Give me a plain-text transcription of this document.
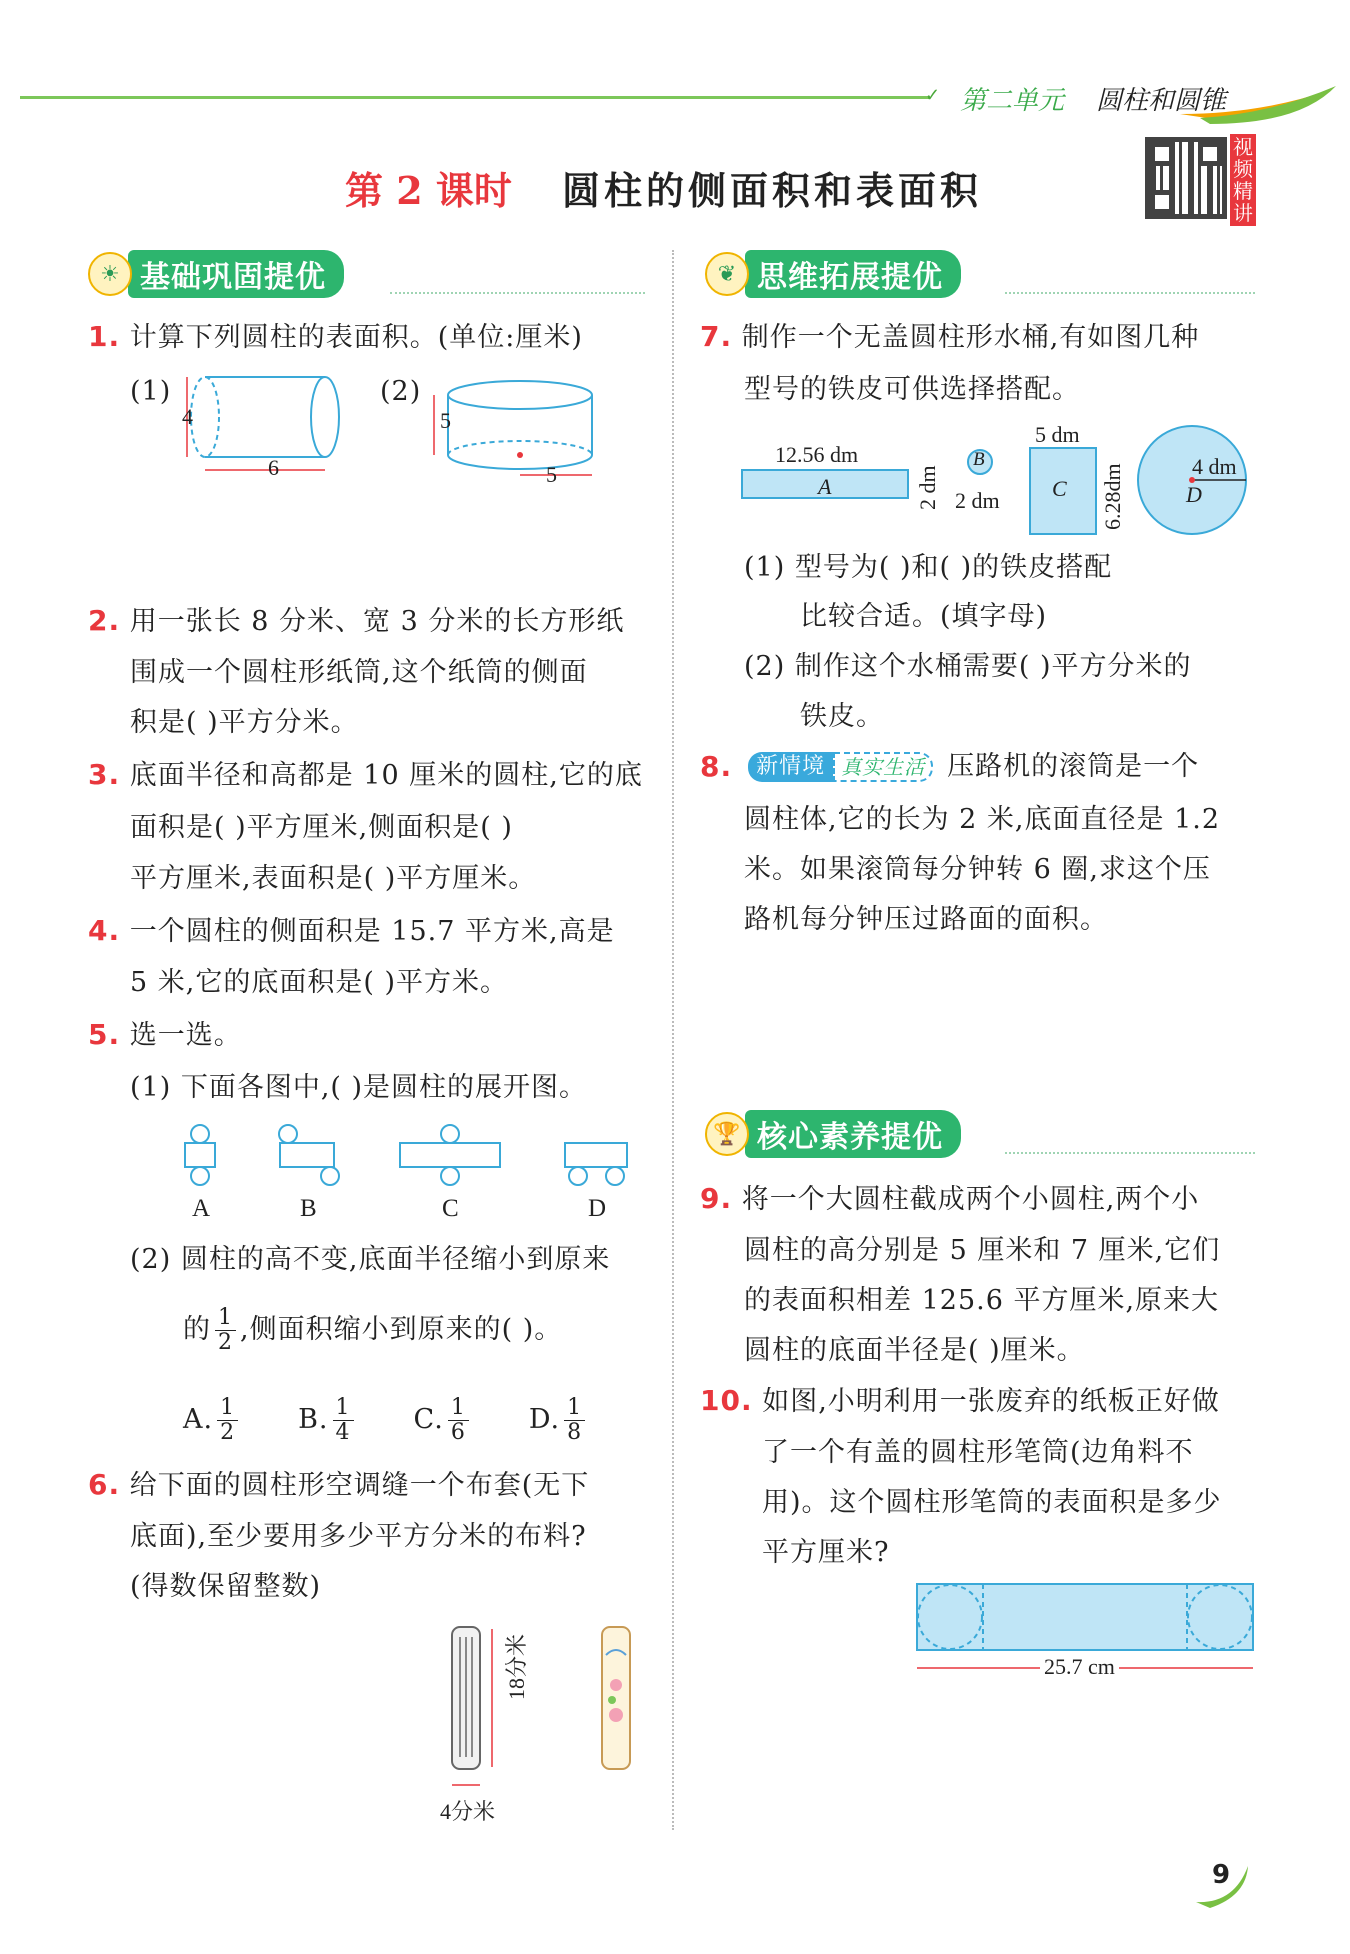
✓ 第二单元 圆柱和圆锥
第 2 课时 圆柱的侧面积和表面积
视频精讲
☀ 基础巩固提优
1. 计算下列圆柱的表面积。(单位:厘米)
(1)	(2)
4
6
5
5
2. 用一张长 8 分米、宽 3 分米的长方形纸
围成一个圆柱形纸筒,这个纸筒的侧面
积是( )平方分米。
3. 底面半径和高都是 10 厘米的圆柱,它的底
面积是( )平方厘米,侧面积是( )
平方厘米,表面积是( )平方厘米。
4. 一个圆柱的侧面积是 15.7 平方米,高是
5 米,它的底面积是( )平方米。
5. 选一选。
(1) 下面各图中,( )是圆柱的展开图。
A	B	C	D
(2) 圆柱的高不变,底面半径缩小到原来
的 $\frac{1}{2}$ ,侧面积缩小到原来的( )。
A. $\frac{1}{2} B$. $\frac{1}{4} C$. $\frac{1}{6} D$. $\frac{1}{8}$
6. 给下面的圆柱形空调缝一个布套(无下
底面),至少要用多少平方分米的布料?
(得数保留整数)
18分米
4分米
❦ 思维拓展提优
7. 制作一个无盖圆柱形水桶,有如图几种
型号的铁皮可供选择搭配。
12.56 dm
A	2 dm
B
2 dm
5 dm
C 6.28dm	4 dm
D
(1) 型号为( )和( )的铁皮搭配
比较合适。(填字母)
(2) 制作这个水桶需要( )平方分米的
铁皮。
8.	新情境 真实生活 压路机的滚筒是一个
圆柱体,它的长为 2 米,底面直径是 1.2
米。如果滚筒每分钟转 6 圈,求这个压
路机每分钟压过路面的面积。
🏆 核心素养提优
9. 将一个大圆柱截成两个小圆柱,两个小
圆柱的高分别是 5 厘米和 7 厘米,它们
的表面积相差 125.6 平方厘米,原来大
圆柱的底面半径是( )厘米。
10. 如图,小明利用一张废弃的纸板正好做
了一个有盖的圆柱形笔筒(边角料不
用)。这个圆柱形笔筒的表面积是多少
平方厘米?
25.7 cm
9
